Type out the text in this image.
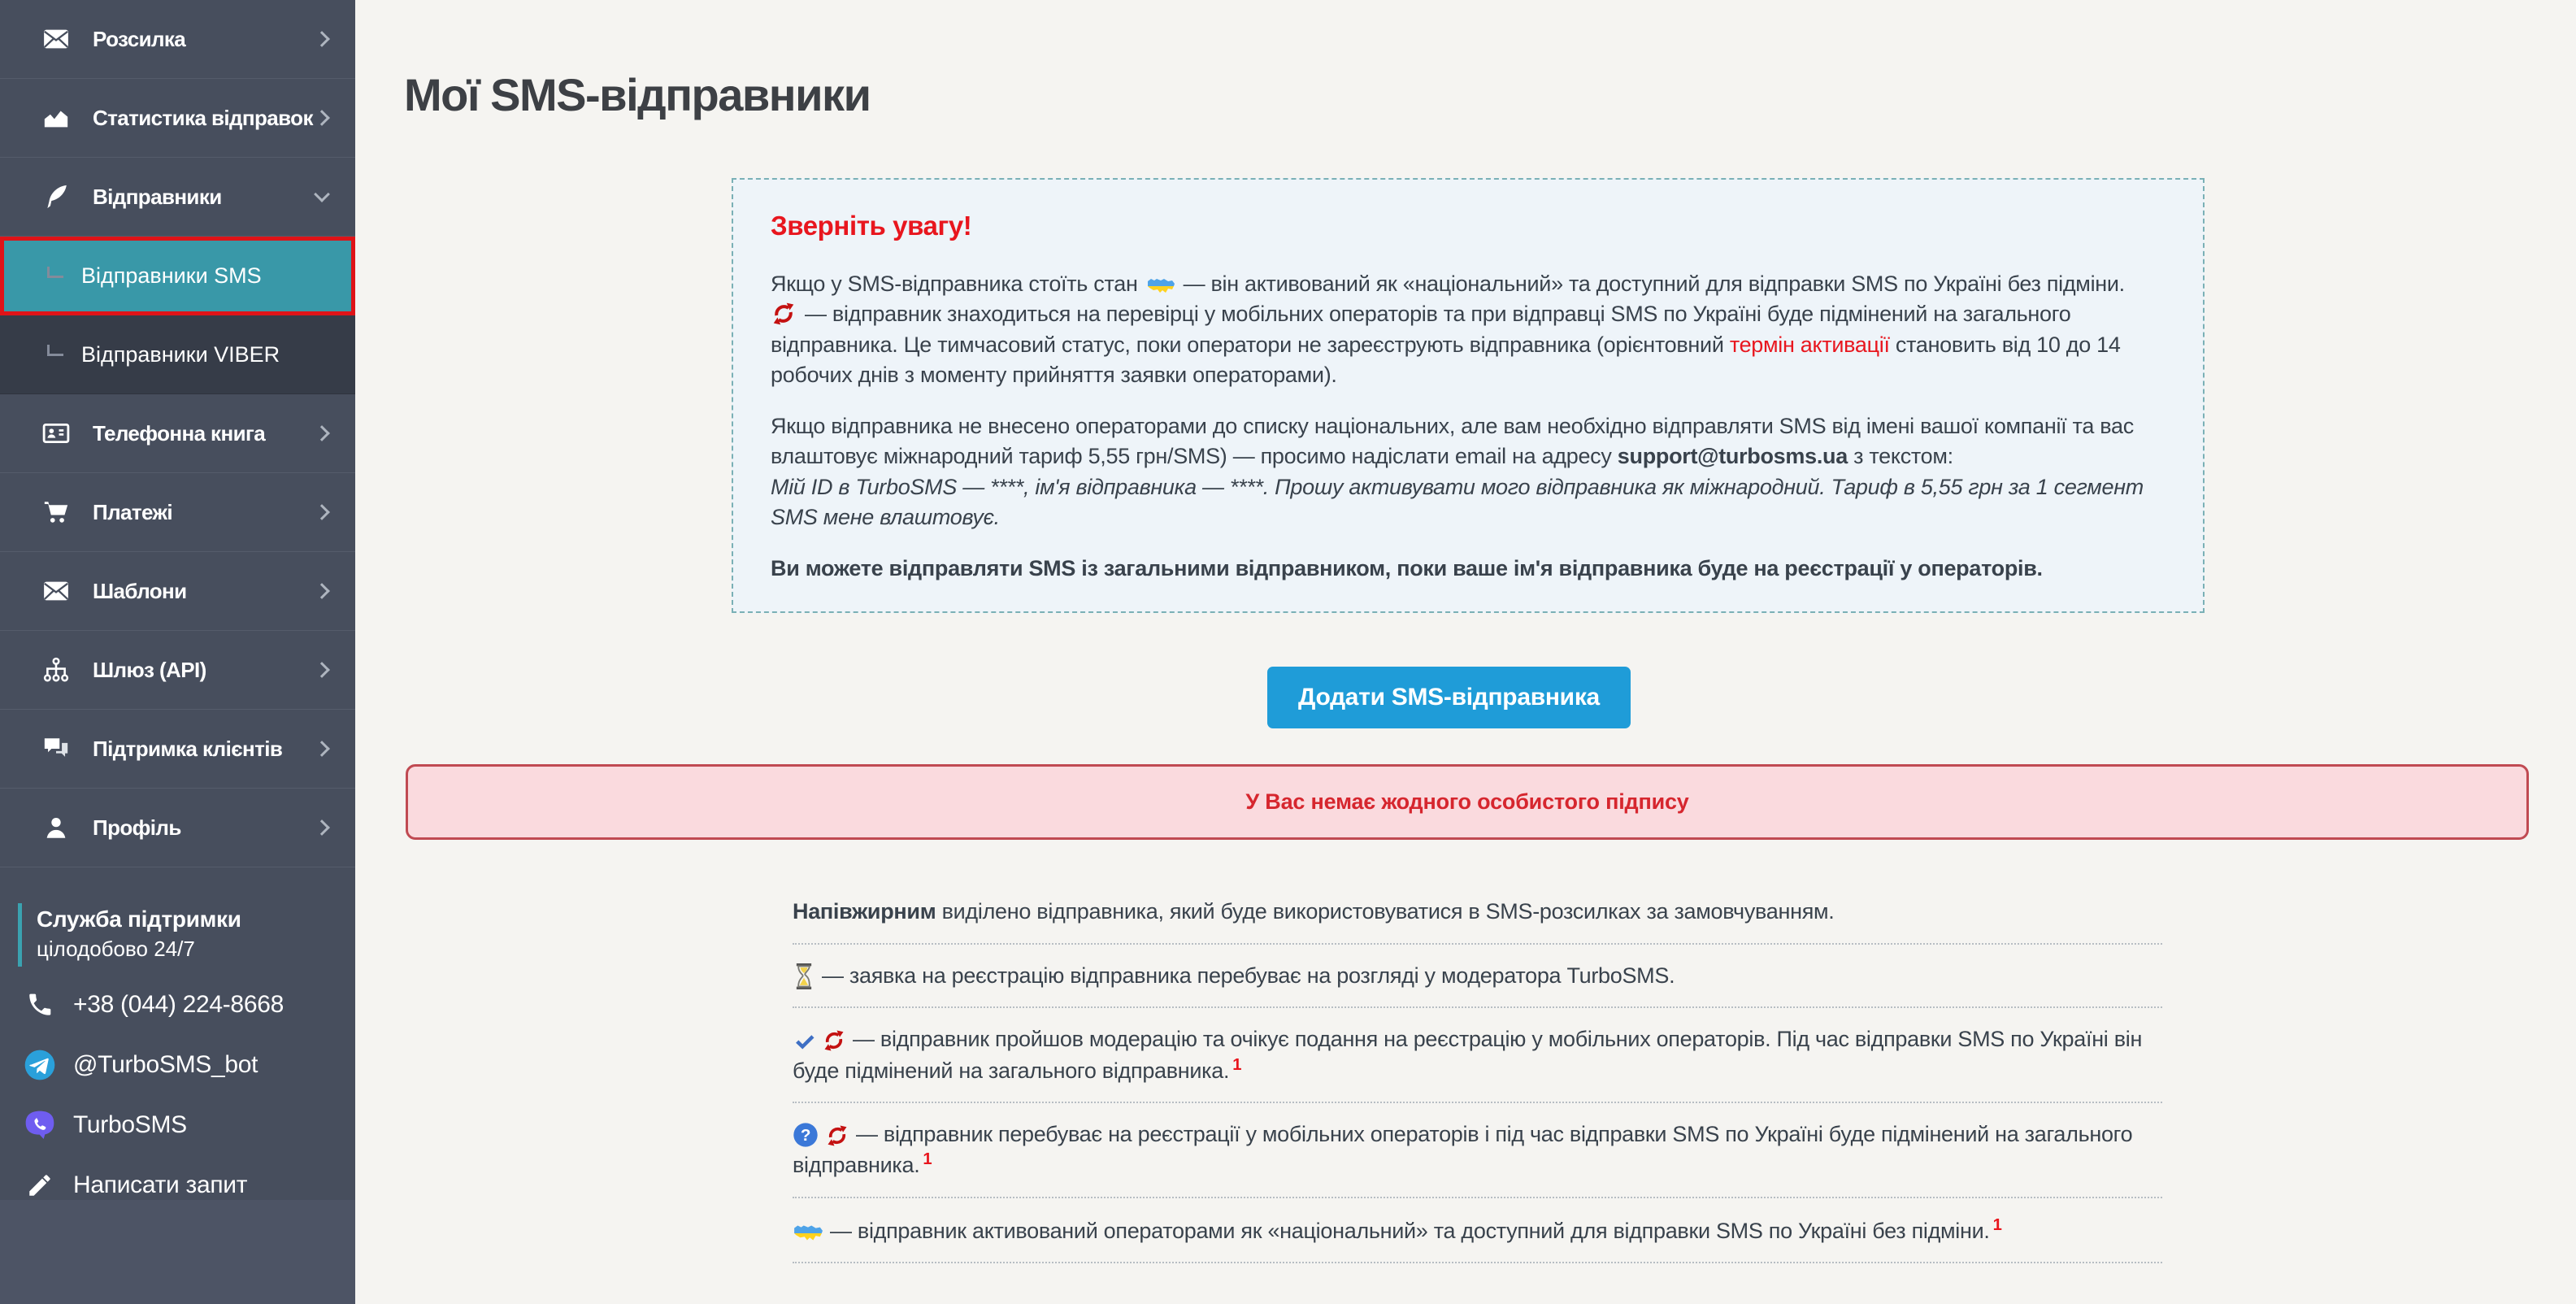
Розсилка
Статистика відправок
Відправники
Відправники SMS
Відправники VIBER
Телефонна книга
Платежі
Шаблони
Шлюз (API)
Підтримка клієнтів
Профіль
Служба підтримки
цілодобово 24/7
+38 (044) 224-8668
@TurboSMS_bot
TurboSMS
Написати запит
Мої SMS-відправники
Зверніть увагу!

Якщо у SMS-відправника стоїть стан — він активований як «національний» та доступний для відправки SMS по Україні без підміни.
— відправник знаходиться на перевірці у мобільних операторів та при відправці SMS по Україні буде підмінений на загального відправника. Це тимчасовий статус, поки оператори не зареєструють відправника (орієнтовний термін активації становить від 10 до 14 робочих днів з моменту прийняття заявки операторами).

Якщо відправника не внесено операторами до списку національних, але вам необхідно відправляти SMS від імені вашої компанії та вас влаштовує міжнародний тариф 5,55 грн/SMS) — просимо надіслати email на адресу support@turbosms.ua з текстом:
Мій ID в TurboSMS — ****, ім'я відправника — ****. Прошу активувати мого відправника як міжнародний. Тариф в 5,55 грн за 1 сегмент SMS мене влаштовує.

Ви можете відправляти SMS із загальними відправником, поки ваше ім'я відправника буде на реєстрації у операторів.

Додати SMS-відправника
У Вас немає жодного особистого підпису
Напівжирним виділено відправника, який буде використовуватися в SMS-розсилках за замовчуванням.
— заявка на реєстрацію відправника перебуває на розгляді у модератора TurboSMS.
— відправник пройшов модерацію та очікує подання на реєстрацію у мобільних операторів. Під час відправки SMS по Україні він буде підмінений на загального відправника. $^1$
? — відправник перебуває на реєстрації у мобільних операторів і під час відправки SMS по Україні буде підмінений на загального відправника. $^1$
— відправник активований операторами як «національний» та доступний для відправки SMS по Україні без підміни. $^1$
